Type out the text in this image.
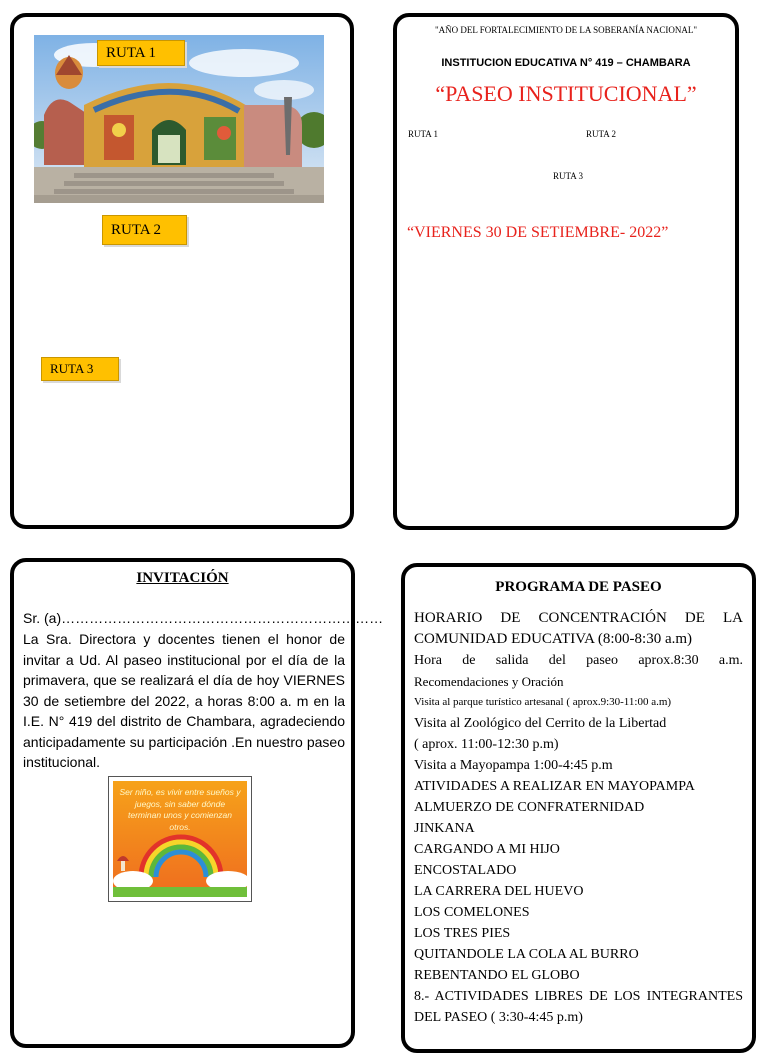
RUTA 1
RUTA 2
RUTA 3
"AÑO DEL FORTALECIMIENTO DE LA SOBERANÍA NACIONAL"
INSTITUCION EDUCATIVA N° 419 – CHAMBARA
“PASEO INSTITUCIONAL”
RUTA 1	RUTA 2
RUTA 3
“VIERNES 30 DE SETIEMBRE- 2022”
INVITACIÓN
Sr. (a)……………………………………………………………
La Sra. Directora y docentes tienen el honor de invitar a Ud. Al paseo institucional por el día de la primavera, que se realizará el día de hoy VIERNES 30 de setiembre del 2022, a horas 8:00 a. m en la I.E. N° 419 del distrito de Chambara, agradeciendo anticipadamente su participación .En nuestro paseo institucional.
Ser niño, es vivir entre sueños y juegos, sin saber dónde terminan unos y comienzan otros.
PROGRAMA DE PASEO
HORARIO DE CONCENTRACIÓN DE LA COMUNIDAD EDUCATIVA (8:00-8:30 a.m)
Hora de salida del paseo aprox.8:30 a.m.
Recomendaciones y Oración
Visita al parque turístico artesanal ( aprox.9:30-11:00 a.m)
Visita al Zoológico del Cerrito de la Libertad
( aprox. 11:00-12:30 p.m)
Visita a Mayopampa 1:00-4:45 p.m
ATIVIDADES A REALIZAR EN MAYOPAMPA
ALMUERZO DE CONFRATERNIDAD
JINKANA
CARGANDO A MI HIJO
ENCOSTALADO
LA CARRERA DEL HUEVO
LOS COMELONES
LOS TRES PIES
QUITANDOLE LA COLA AL BURRO
REBENTANDO EL GLOBO
8.- ACTIVIDADES LIBRES DE LOS INTEGRANTES DEL PASEO ( 3:30-4:45 p.m)
